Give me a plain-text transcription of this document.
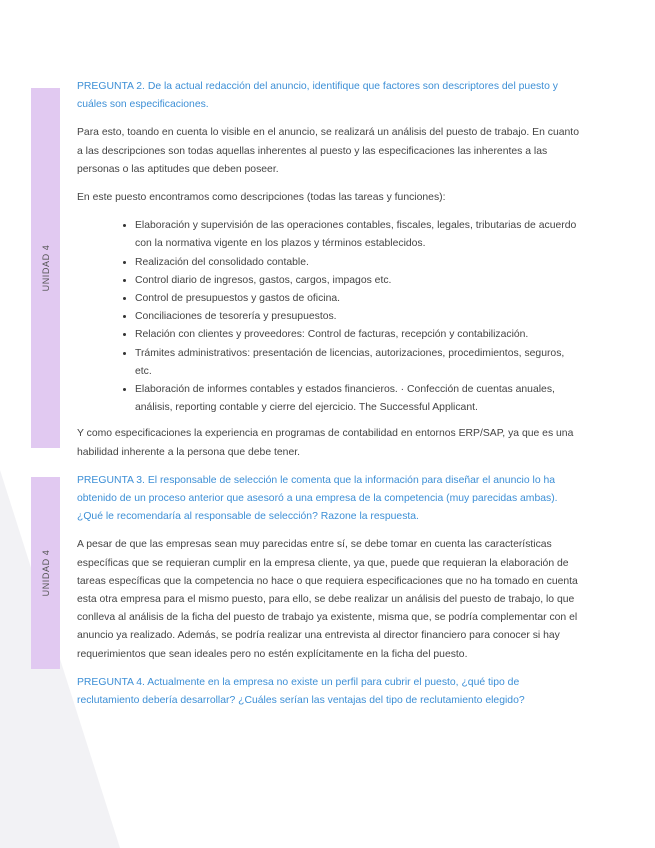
UNIDAD 4
UNIDAD 4

PREGUNTA 2. De la actual redacción del anuncio, identifique que factores son descriptores del puesto y cuáles son especificaciones.

Para esto, toando en cuenta lo visible en el anuncio, se realizará un análisis del puesto de trabajo. En cuanto a las descripciones son todas aquellas inherentes al puesto y las especificaciones las inherentes a las personas o las aptitudes que deben poseer.

En este puesto encontramos como descripciones (todas las tareas y funciones):

• Elaboración y supervisión de las operaciones contables, fiscales, legales, tributarias de acuerdo con la normativa vigente en los plazos y términos establecidos.
• Realización del consolidado contable.
• Control diario de ingresos, gastos, cargos, impagos etc.
• Control de presupuestos y gastos de oficina.
• Conciliaciones de tesorería y presupuestos.
• Relación con clientes y proveedores: Control de facturas, recepción y contabilización.
• Trámites administrativos: presentación de licencias, autorizaciones, procedimientos, seguros, etc.
• Elaboración de informes contables y estados financieros. · Confección de cuentas anuales, análisis, reporting contable y cierre del ejercicio. The Successful Applicant.

Y como especificaciones la experiencia en programas de contabilidad en entornos ERP/SAP, ya que es una habilidad inherente a la persona que debe tener.

PREGUNTA 3. El responsable de selección le comenta que la información para diseñar el anuncio lo ha obtenido de un proceso anterior que asesoró a una empresa de la competencia (muy parecidas ambas). ¿Qué le recomendaría al responsable de selección? Razone la respuesta.

A pesar de que las empresas sean muy parecidas entre sí, se debe tomar en cuenta las características específicas que se requieran cumplir en la empresa cliente, ya que, puede que requieran la elaboración de tareas específicas que la competencia no hace o que requiera especificaciones que no ha tomado en cuenta esta otra empresa para el mismo puesto, para ello, se debe realizar un análisis del puesto de trabajo, lo que conlleva al análisis de la ficha del puesto de trabajo ya existente, misma que, se podría complementar con el anuncio ya realizado. Además, se podría realizar una entrevista al director financiero para conocer si hay requerimientos que sean ideales pero no estén explícitamente en la ficha del puesto.

PREGUNTA 4. Actualmente en la empresa no existe un perfil para cubrir el puesto, ¿qué tipo de reclutamiento debería desarrollar? ¿Cuáles serían las ventajas del tipo de reclutamiento elegido?
